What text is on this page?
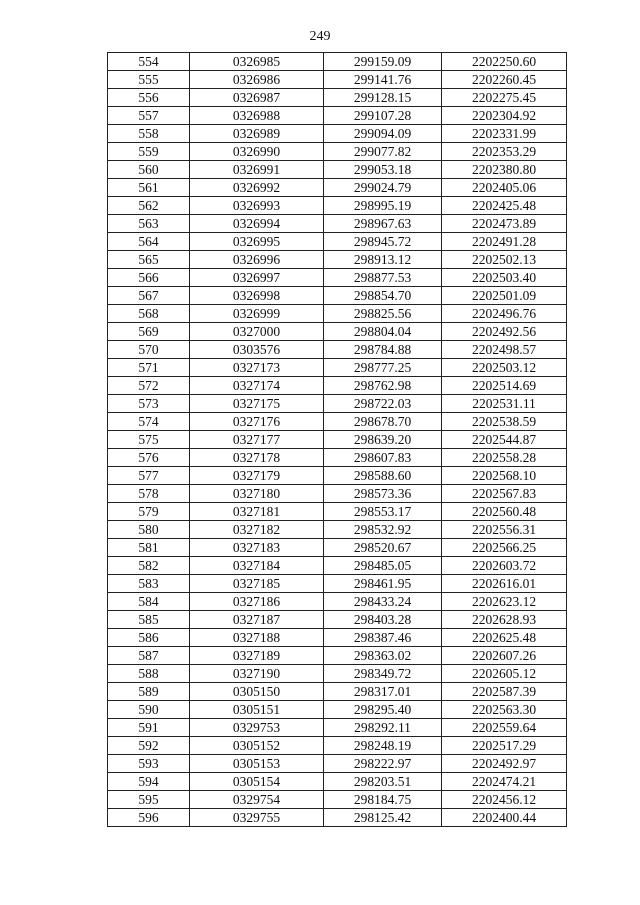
249
554	0326985	299159.09	2202250.60
555	0326986	299141.76	2202260.45
556	0326987	299128.15	2202275.45
557	0326988	299107.28	2202304.92
558	0326989	299094.09	2202331.99
559	0326990	299077.82	2202353.29
560	0326991	299053.18	2202380.80
561	0326992	299024.79	2202405.06
562	0326993	298995.19	2202425.48
563	0326994	298967.63	2202473.89
564	0326995	298945.72	2202491.28
565	0326996	298913.12	2202502.13
566	0326997	298877.53	2202503.40
567	0326998	298854.70	2202501.09
568	0326999	298825.56	2202496.76
569	0327000	298804.04	2202492.56
570	0303576	298784.88	2202498.57
571	0327173	298777.25	2202503.12
572	0327174	298762.98	2202514.69
573	0327175	298722.03	2202531.11
574	0327176	298678.70	2202538.59
575	0327177	298639.20	2202544.87
576	0327178	298607.83	2202558.28
577	0327179	298588.60	2202568.10
578	0327180	298573.36	2202567.83
579	0327181	298553.17	2202560.48
580	0327182	298532.92	2202556.31
581	0327183	298520.67	2202566.25
582	0327184	298485.05	2202603.72
583	0327185	298461.95	2202616.01
584	0327186	298433.24	2202623.12
585	0327187	298403.28	2202628.93
586	0327188	298387.46	2202625.48
587	0327189	298363.02	2202607.26
588	0327190	298349.72	2202605.12
589	0305150	298317.01	2202587.39
590	0305151	298295.40	2202563.30
591	0329753	298292.11	2202559.64
592	0305152	298248.19	2202517.29
593	0305153	298222.97	2202492.97
594	0305154	298203.51	2202474.21
595	0329754	298184.75	2202456.12
596	0329755	298125.42	2202400.44
